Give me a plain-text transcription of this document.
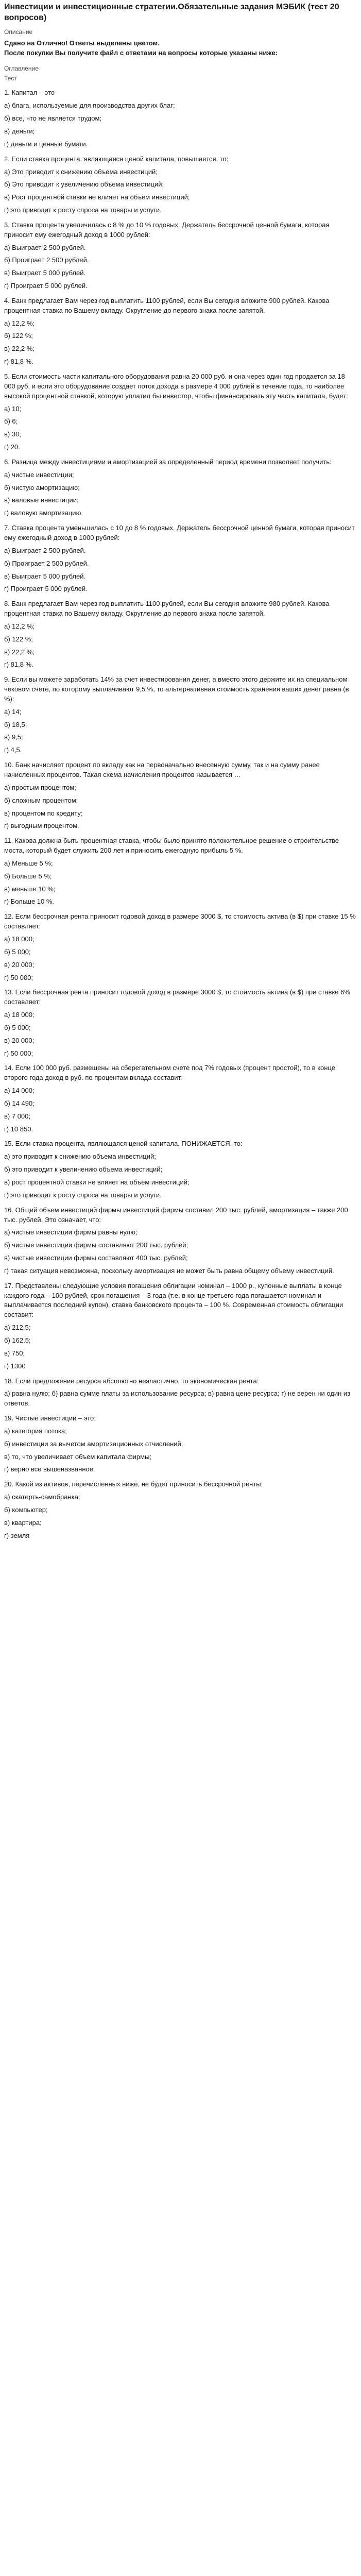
Инвестиции и инвестиционные стратегии.Обязательные задания МЭБИК (тест 20 вопросов)
Описание

Сдано на Отлично! Ответы выделены цветом.

После покупки Вы получите файл с ответами на вопросы которые указаны ниже:

Оглавление
Тест
1. Капитал – это
а) блага, используемые для производства других благ;
б) все, что не является трудом;
в) деньги;
г) деньги и ценные бумаги.
2. Если ставка процента, являющаяся ценой капитала, повышается, то:
а) Это приводит к снижению объема инвестиций;
б) Это приводит к увеличению объема инвестиций;
в) Рост процентной ставки не влияет на объем инвестиций;
г) это приводит к росту спроса на товары и услуги.
3. Ставка процента увеличилась с 8 % до 10 % годовых. Держатель бессрочной ценной бумаги, которая приносит ему ежегодный доход в 1000 рублей:
а) Выиграет 2 500 рублей.
б) Проиграет 2 500 рублей.
в) Выиграет 5 000 рублей.
г) Проиграет 5 000 рублей.
4. Банк предлагает Вам через год выплатить 1100 рублей, если Вы сегодня вложите 900 рублей. Какова процентная ставка по Вашему вкладу. Округление до первого знака после запятой.
а) 12,2 %;
б) 122 %;
в) 22,2 %;
г) 81,8 %.
5. Если стоимость части капитального оборудования равна 20 000 руб. и она через один год продается за 18 000 руб. и если это оборудование создает поток дохода в размере 4 000 рублей в течение года, то наиболее высокой процентной ставкой, которую уплатил бы инвестор, чтобы финансировать эту часть капитала, будет:
а) 10;
б) 6;
в) 30;
г) 20.
6. Разница между инвестициями и амортизацией за определенный период времени позволяет получить:
а) чистые инвестиции;
б) чистую амортизацию;
в) валовые инвестиции;
г) валовую амортизацию.
7. Ставка процента уменьшилась с 10 до 8 % годовых. Держатель бессрочной ценной бумаги, которая приносит ему ежегодный доход в 1000 рублей:
а) Выиграет 2 500 рублей.
б) Проиграет 2 500 рублей.
в) Выиграет 5 000 рублей.
г) Проиграет 5 000 рублей.
8. Банк предлагает Вам через год выплатить 1100 рублей, если Вы сегодня вложите 980 рублей. Какова процентная ставка по Вашему вкладу. Округление до первого знака после запятой.
а) 12,2 %;
б) 122 %;
в) 22,2 %;
г) 81,8 %.
9. Если вы можете заработать 14% за счет инвестирования денег, а вместо этого держите их на специальном чековом счете, по которому выплачивают 9,5 %, то альтернативная стоимость хранения ваших денег равна (в %):
а) 14;
б) 18,5;
в) 9,5;
г) 4,5.
10. Банк начисляет процент по вкладу как на первоначально внесенную сумму, так и на сумму ранее начисленных процентов. Такая схема начисления процентов называется …
а) простым процентом;
б) сложным процентом;
в) процентом по кредиту;
г) выгодным процентом.
11. Какова должна быть процентная ставка, чтобы было принято положительное решение о строительстве моста, который будет служить 200 лет и приносить ежегодную прибыль 5 %.
а) Меньше 5 %;
б) Больше 5 %;
в) меньше 10 %;
г) Больше 10 %.
12. Если бессрочная рента приносит годовой доход в размере 3000 $, то стоимость актива (в $) при ставке 15 % составляет:
а) 18 000;
б) 5 000;
в) 20 000;
г) 50 000;
13. Если бессрочная рента приносит годовой доход в размере 3000 $, то стоимость актива (в $) при ставке 6% составляет:
а) 18 000;
б) 5 000;
в) 20 000;
г) 50 000;
14. Если 100 000 руб. размещены на сберегательном счете под 7% годовых (процент простой), то в конце второго года доход в руб. по процентам вклада составит:
а) 14 000;
б) 14 490;
в) 7 000;
г) 10 850.
15. Если ставка процента, являющаяся ценой капитала, ПОНИЖАЕТСЯ, то:
а) это приводит к снижению объема инвестиций;
б) это приводит к увеличению объема инвестиций;
в) рост процентной ставки не влияет на объем инвестиций;
г) это приводит к росту спроса на товары и услуги.
16. Общий объем инвестиций фирмы инвестиций фирмы составил 200 тыс. рублей, амортизация – также 200 тыс. рублей. Это означает, что:
а) чистые инвестиции фирмы равны нулю;
б) чистые инвестиции фирмы составляют 200 тыс. рублей;
в) чистые инвестиции фирмы составляют 400 тыс. рублей;
г) такая ситуация невозможна, поскольку амортизация не может быть равна общему объему инвестиций.
17. Представлены следующие условия погашения облигации номинал – 1000 р., купонные выплаты в конце каждого года – 100 рублей, срок погашения – 3 года (т.е. в конце третьего года погашается номинал и выплачивается последний купон), ставка банковского процента – 100 %. Современная стоимость облигации составит:
а) 212,5;
б) 162,5;
в) 750;
г) 1300
18. Если предложение ресурса абсолютно неэластично, то экономическая рента:
а) равна нулю; б) равна сумме платы за использование ресурса; в) равна цене ресурса; г) не верен ни один из ответов.
19. Чистые инвестиции – это:
а) категория потока;
б) инвестиции за вычетом амортизационных отчислений;
в) то, что увеличивает объем капитала фирмы;
г) верно все вышеназванное.
20. Какой из активов, перечисленных ниже, не будет приносить бессрочной ренты:
а) скатерть-самобранка;
б) компьютер;
в) квартира;
г) земля
